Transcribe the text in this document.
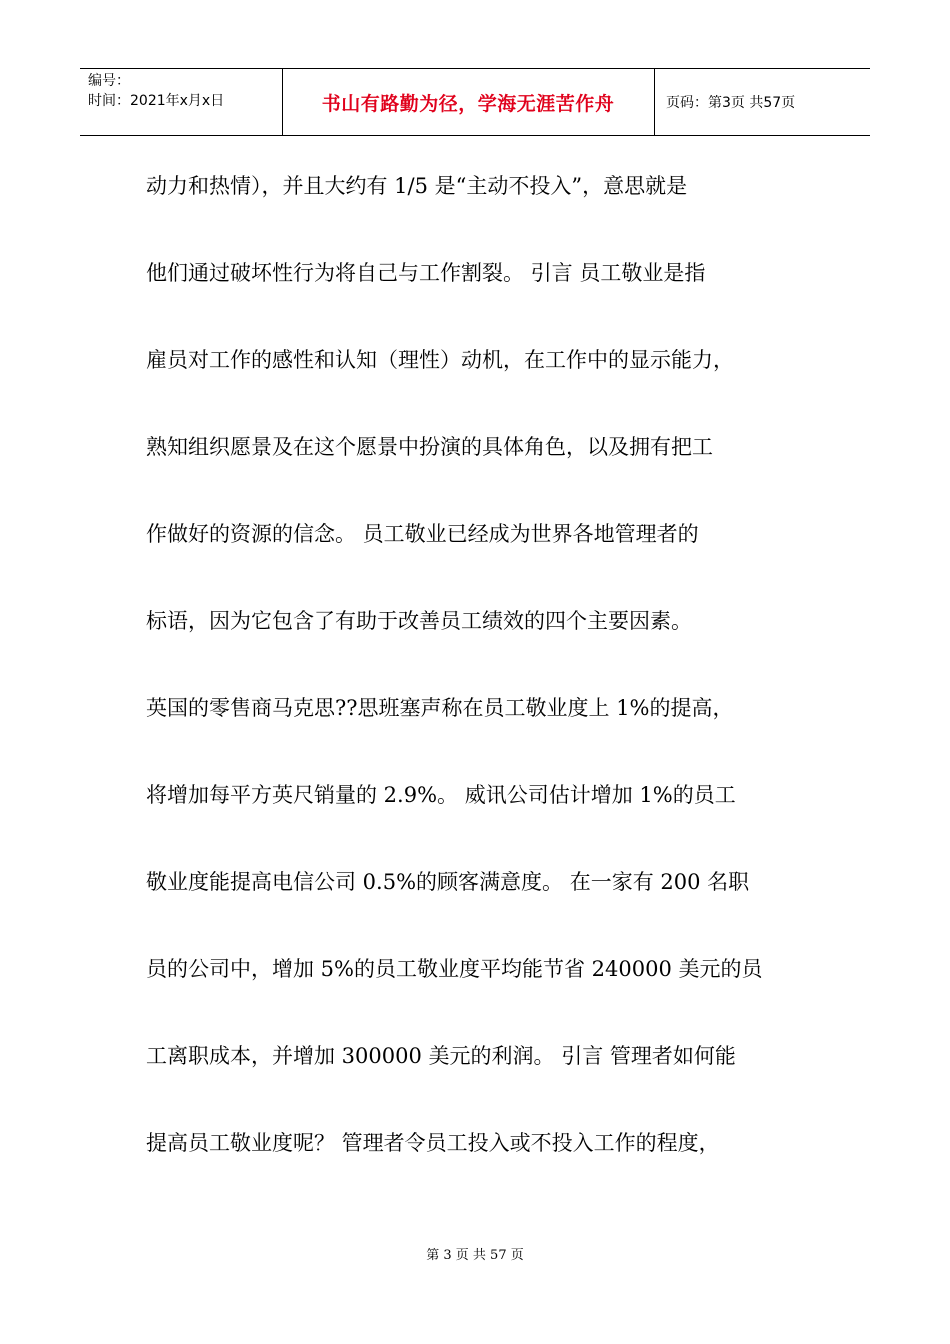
编号：
时间：2021年x月x日	书山有路勤为径，学海无涯苦作舟	页码：第3页 共57页
动力和热情），并且大约有 1/5 是“主动不投入”，意思就是
他们通过破坏性行为将自己与工作割裂。 引言 员工敬业是指
雇员对工作的感性和认知（理性）动机，在工作中的显示能力，
熟知组织愿景及在这个愿景中扮演的具体角色，以及拥有把工
作做好的资源的信念。 员工敬业已经成为世界各地管理者的
标语，因为它包含了有助于改善员工绩效的四个主要因素。
英国的零售商马克思??思班塞声称在员工敬业度上 1%的提高，
将增加每平方英尺销量的 2.9%。 威讯公司估计增加 1%的员工
敬业度能提高电信公司 0.5%的顾客满意度。 在一家有 200 名职
员的公司中，增加 5%的员工敬业度平均能节省 240000 美元的员
工离职成本，并增加 300000 美元的利润。 引言 管理者如何能
提高员工敬业度呢？ 管理者令员工投入或不投入工作的程度，
第 3 页 共 57 页
